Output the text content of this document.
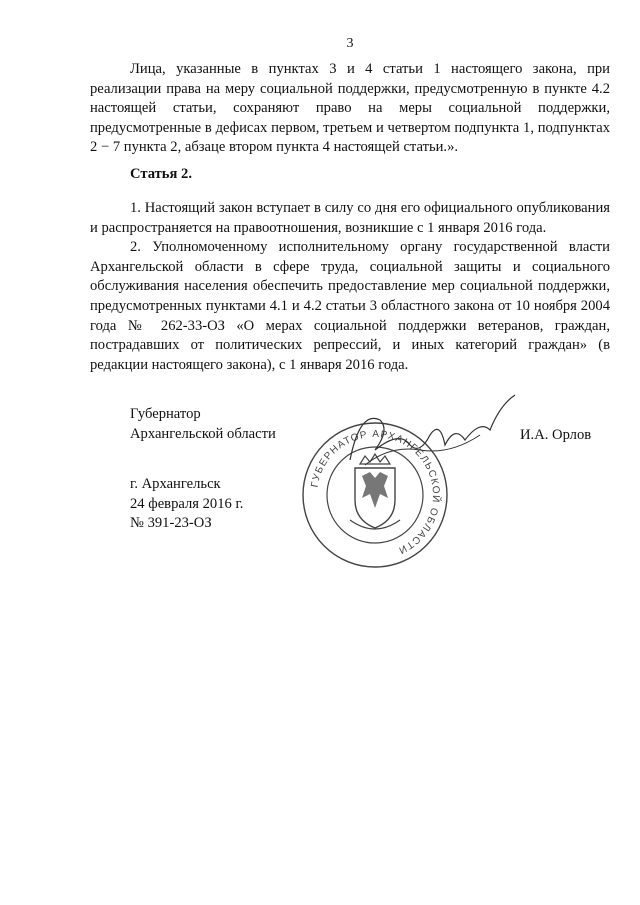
3

Лица, указанные в пунктах 3 и 4 статьи 1 настоящего закона, при реализации права на меру социальной поддержки, предусмотренную в пункте 4.2 настоящей статьи, сохраняют право на меры социальной поддержки, предусмотренные в дефисах первом, третьем и четвертом подпункта 1, подпунктах 2 − 7 пункта 2, абзаце втором пункта 4 настоящей статьи.».

Статья 2.

1. Настоящий закон вступает в силу со дня его официального опубликования и распространяется на правоотношения, возникшие с 1 января 2016 года.

2. Уполномоченному исполнительному органу государственной власти Архангельской области в сфере труда, социальной защиты и социального обслуживания населения обеспечить предоставление мер социальной поддержки, предусмотренных пунктами 4.1 и 4.2 статьи 3 областного закона от 10 ноября 2004 года № 262-33-ОЗ «О мерах социальной поддержки ветеранов, граждан, пострадавших от политических репрессий, и иных категорий граждан» (в редакции настоящего закона), с 1 января 2016 года.

ГУБЕРНАТОР АРХАНГЕЛЬСКОЙ ОБЛАСТИ
Губернатор
Архангельской области	И.А. Орлов
г. Архангельск
24 февраля 2016 г.
№ 391-23-ОЗ
